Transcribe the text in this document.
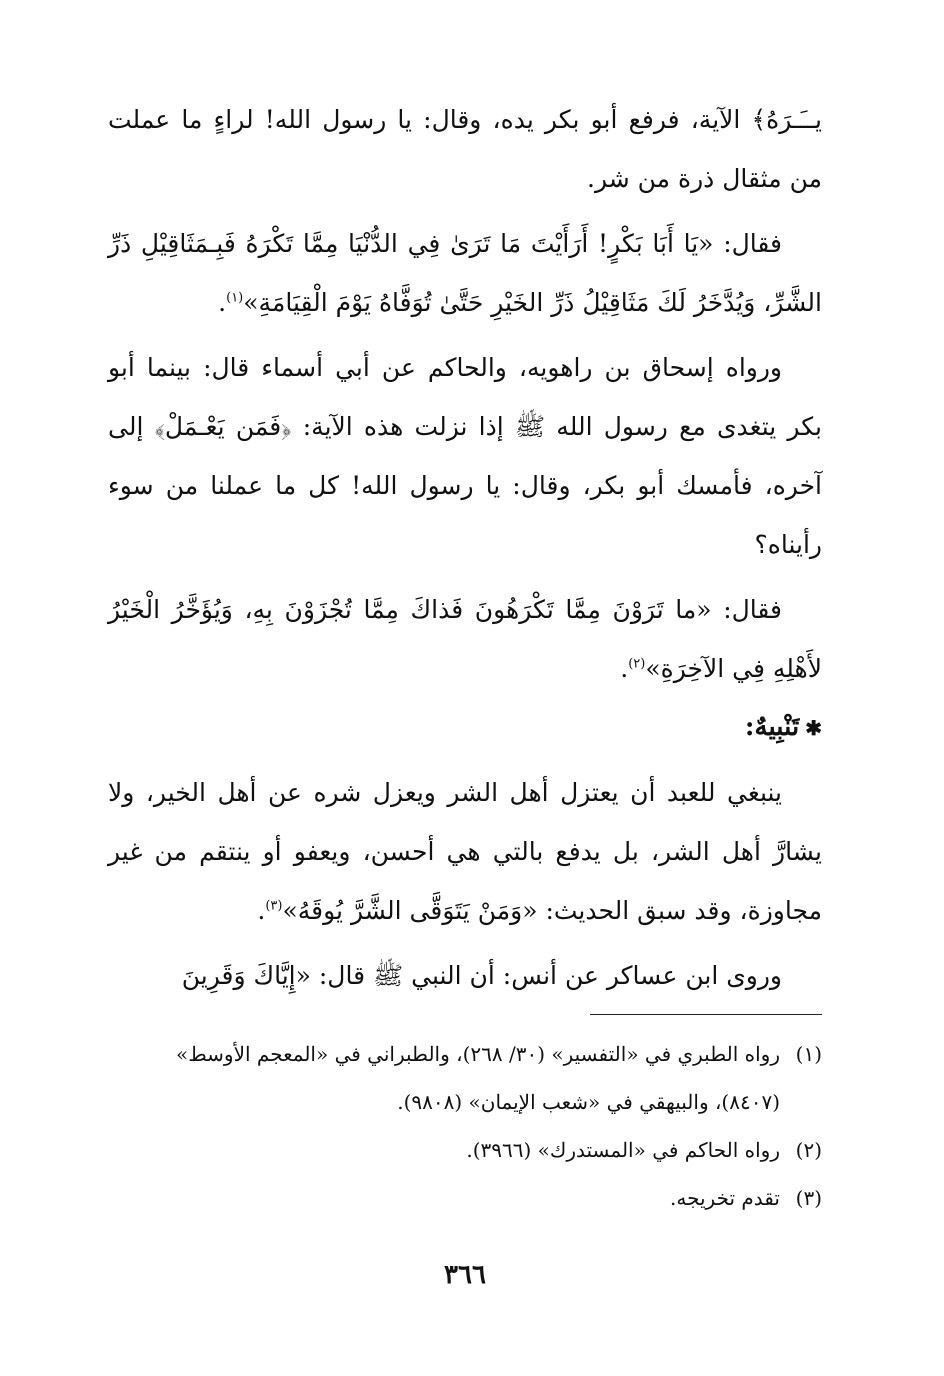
يــَـرَهُ﴾ الآية، فرفع أبو بكر يده، وقال: يا رسول الله! لراءٍ ما عملت من مثقال ذرة من شر.

فقال: «يَا أَبَا بَكْرٍ! أَرَأَيْتَ مَا تَرَىٰ فِي الدُّنْيَا مِمَّا تَكْرَهُ فَبِـمَثَاقِيْلِ ذَرِّ الشَّرِّ، وَيُدَّخَرُ لَكَ مَثَاقِيْلُ ذَرِّ الخَيْرِ حَتَّىٰ تُوَفَّاهُ يَوْمَ الْقِيَامَةِ»$^{(١)}$.

ورواه إسحاق بن راهويه، والحاكم عن أبي أسماء قال: بينما أبو بكر يتغدى مع رسول الله ﷺ إذا نزلت هذه الآية: ﴿فَمَن يَعْـمَلْ﴾ إلى آخره، فأمسك أبو بكر، وقال: يا رسول الله! كل ما عملنا من سوء رأيناه؟

فقال: «ما تَرَوْنَ مِمَّا تَكْرَهُونَ فَذاكَ مِمَّا تُجْزَوْنَ بِهِ، وَيُؤَخَّرُ الْخَيْرُ لأَهْلِهِ فِي الآخِرَةِ»$^{(٢)}$.

✱تَنْبِيهٌ:

ينبغي للعبد أن يعتزل أهل الشر ويعزل شره عن أهل الخير، ولا يشارَّ أهل الشر، بل يدفع بالتي هي أحسن، ويعفو أو ينتقم من غير مجاوزة، وقد سبق الحديث: «وَمَنْ يَتَوَقَّى الشَّرَّ يُوقَهُ»$^{(٣)}$.

وروى ابن عساكر عن أنس: أن النبي ﷺ قال: «إِيَّاكَ وَقَرِينَ

(١)
رواه الطبري في «التفسير» (٣٠/ ٢٦٨)، والطبراني في «المعجم الأوسط» (٨٤٠٧)، والبيهقي في «شعب الإيمان» (٩٨٠٨).
(٢)
رواه الحاكم في «المستدرك» (٣٩٦٦).
(٣)
تقدم تخريجه.
٣٦٦
